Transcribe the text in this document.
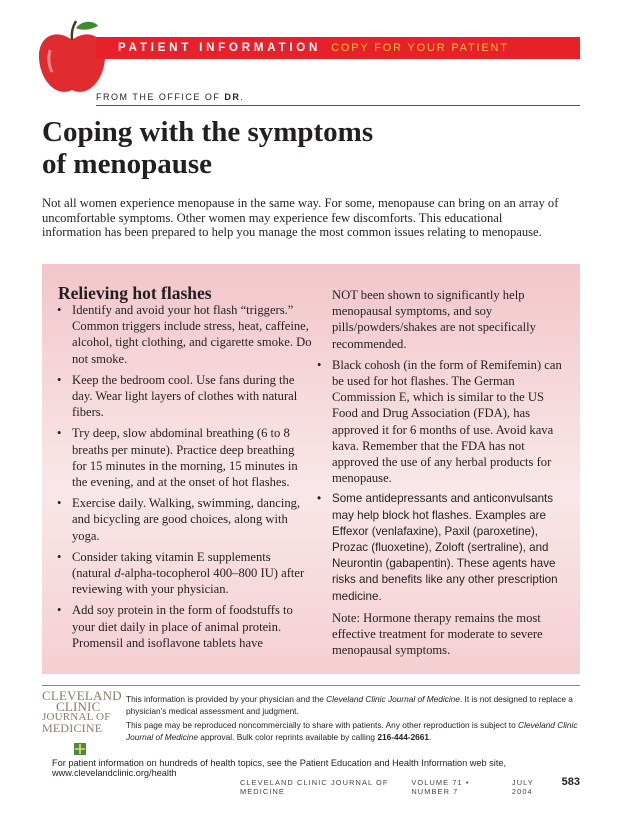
PATIENT INFORMATION COPY FOR YOUR PATIENT
FROM THE OFFICE OF DR.
Coping with the symptoms
of menopause

Not all women experience menopause in the same way. For some, menopause can bring on an array of uncomfortable symptoms. Other women may experience few discomforts. This educational information has been prepared to help you manage the most common issues relating to menopause.

Relieving hot flashes
• Identify and avoid your hot flash “triggers.” Common triggers include stress, heat, caffeine, alcohol, tight clothing, and cigarette smoke. Do not smoke.
• Keep the bedroom cool. Use fans during the day. Wear light layers of clothes with natural fibers.
• Try deep, slow abdominal breathing (6 to 8 breaths per minute). Practice deep breathing for 15 minutes in the morning, 15 minutes in the evening, and at the onset of hot flashes.
• Exercise daily. Walking, swimming, dancing, and bicycling are good choices, along with yoga.
• Consider taking vitamin E supplements (natural d-alpha-tocopherol 400–800 IU) after reviewing with your physician.
• Add soy protein in the form of foodstuffs to your diet daily in place of animal protein. Promensil and isoflavone tablets have

NOT been shown to significantly help menopausal symptoms, and soy pills/powders/shakes are not specifically recommended.

• Black cohosh (in the form of Remifemin) can be used for hot flashes. The German Commission E, which is similar to the US Food and Drug Association (FDA), has approved it for 6 months of use. Avoid kava kava. Remember that the FDA has not approved the use of any herbal products for menopause.
• Some antidepressants and anticonvulsants may help block hot flashes. Examples are Effexor (venlafaxine), Paxil (paroxetine), Prozac (fluoxetine), Zoloft (sertraline), and Neurontin (gabapentin). These agents have risks and benefits like any other prescription medicine.

Note: Hormone therapy remains the most effective treatment for moderate to severe menopausal symptoms.

CLEVELAND
CLINIC
JOURNAL OF
MEDICINE

This information is provided by your physician and the Cleveland Clinic Journal of Medicine. It is not designed to replace a physician’s medical assessment and judgment.

This page may be reproduced noncommercially to share with patients. Any other reproduction is subject to Cleveland Clinic Journal of Medicine approval. Bulk color reprints available by calling 216-444-2661.

For patient information on hundreds of health topics, see the Patient Education and Health Information web site, www.clevelandclinic.org/health
CLEVELAND CLINIC JOURNAL OF MEDICINE
VOLUME 71 • NUMBER 7
JULY 2004
583
